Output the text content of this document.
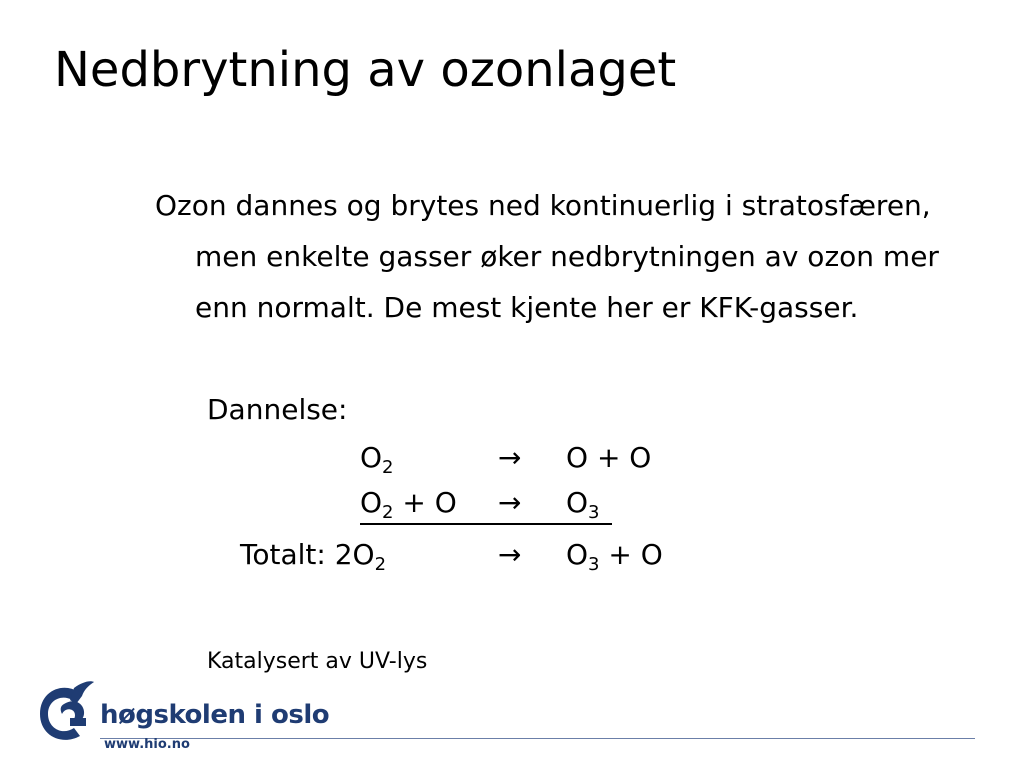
Nedbrytning av ozonlaget
Ozon dannes og brytes ned kontinuerlig i stratosfæren, men enkelte gasser øker nedbrytningen av ozon mer enn normalt. De mest kjente her er KFK-gasser.
Dannelse:
$O_2$	→ O + O
$O_2 + O \to O_3$
Totalt: $2O_2$	→ $O_3 + O$
Katalysert av UV-lys
høgskolen i oslo
www.hio.no
